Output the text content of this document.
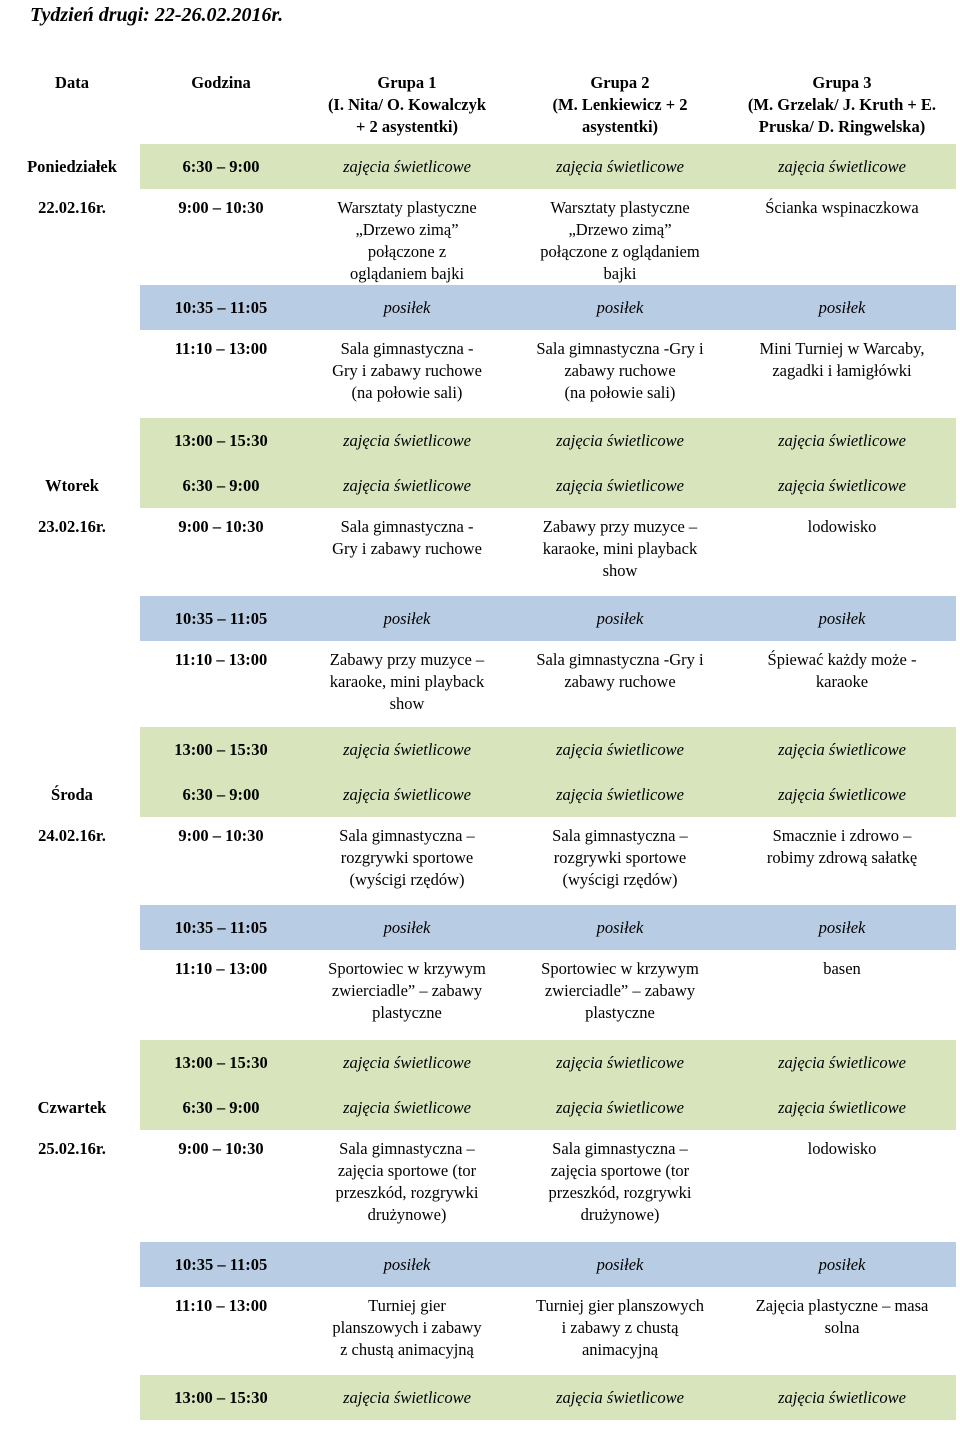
Tydzień drugi: 22-26.02.2016r.
Data	Godzina	Grupa 1
(I. Nita/ O. Kowalczyk
+ 2 asystentki)	Grupa 2
(M. Lenkiewicz + 2
asystentki)	Grupa 3
(M. Grzelak/ J. Kruth + E.
Pruska/ D. Ringwelska)
Poniedziałek	6:30 – 9:00	zajęcia świetlicowe	zajęcia świetlicowe	zajęcia świetlicowe
22.02.16r.	9:00 – 10:30	Warsztaty plastyczne
„Drzewo zimą”
połączone z
oglądaniem bajki	Warsztaty plastyczne
„Drzewo zimą”
połączone z oglądaniem
bajki	Ścianka wspinaczkowa
	10:35 – 11:05	posiłek	posiłek	posiłek
	11:10 – 13:00	Sala gimnastyczna -
Gry i zabawy ruchowe
(na połowie sali)	Sala gimnastyczna -Gry i
zabawy ruchowe
(na połowie sali)	Mini Turniej w Warcaby,
zagadki i łamigłówki
	13:00 – 15:30	zajęcia świetlicowe	zajęcia świetlicowe	zajęcia świetlicowe
Wtorek	6:30 – 9:00	zajęcia świetlicowe	zajęcia świetlicowe	zajęcia świetlicowe
23.02.16r.	9:00 – 10:30	Sala gimnastyczna -
Gry i zabawy ruchowe	Zabawy przy muzyce –
karaoke, mini playback
show	lodowisko
	10:35 – 11:05	posiłek	posiłek	posiłek
	11:10 – 13:00	Zabawy przy muzyce –
karaoke, mini playback
show	Sala gimnastyczna -Gry i
zabawy ruchowe	Śpiewać każdy może -
karaoke
	13:00 – 15:30	zajęcia świetlicowe	zajęcia świetlicowe	zajęcia świetlicowe
Środa	6:30 – 9:00	zajęcia świetlicowe	zajęcia świetlicowe	zajęcia świetlicowe
24.02.16r.	9:00 – 10:30	Sala gimnastyczna –
rozgrywki sportowe
(wyścigi rzędów)	Sala gimnastyczna –
rozgrywki sportowe
(wyścigi rzędów)	Smacznie i zdrowo –
robimy zdrową sałatkę
	10:35 – 11:05	posiłek	posiłek	posiłek
	11:10 – 13:00	Sportowiec w krzywym
zwierciadle” – zabawy
plastyczne	Sportowiec w krzywym
zwierciadle” – zabawy
plastyczne	basen
	13:00 – 15:30	zajęcia świetlicowe	zajęcia świetlicowe	zajęcia świetlicowe
Czwartek	6:30 – 9:00	zajęcia świetlicowe	zajęcia świetlicowe	zajęcia świetlicowe
25.02.16r.	9:00 – 10:30	Sala gimnastyczna –
zajęcia sportowe (tor
przeszkód, rozgrywki
drużynowe)	Sala gimnastyczna –
zajęcia sportowe (tor
przeszkód, rozgrywki
drużynowe)	lodowisko
	10:35 – 11:05	posiłek	posiłek	posiłek
	11:10 – 13:00	Turniej gier
planszowych i zabawy
z chustą animacyjną	Turniej gier planszowych
i zabawy z chustą
animacyjną	Zajęcia plastyczne – masa
solna
	13:00 – 15:30	zajęcia świetlicowe	zajęcia świetlicowe	zajęcia świetlicowe
